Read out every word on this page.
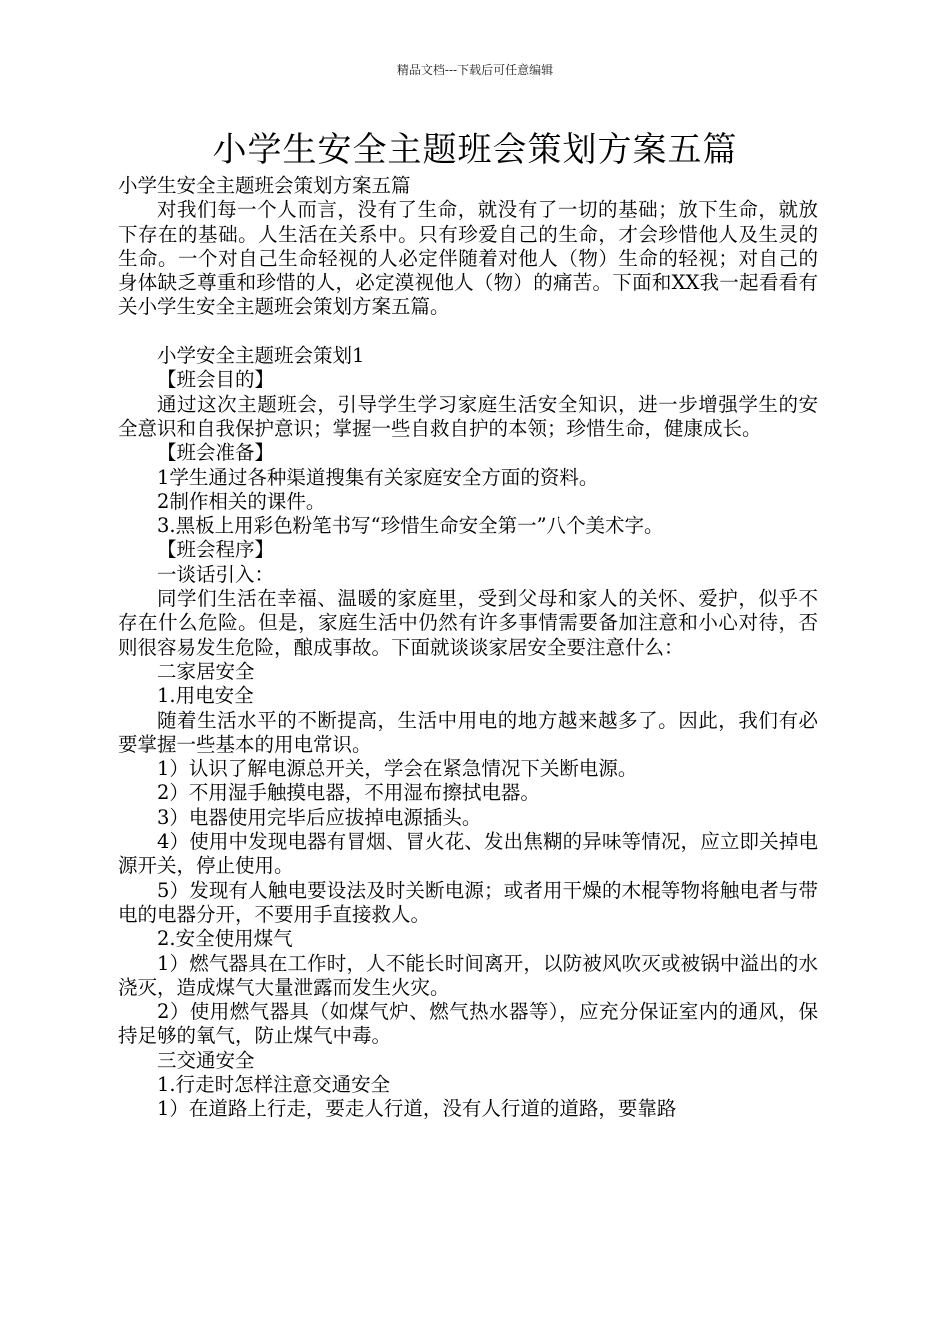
精品文档---下载后可任意编辑
小学生安全主题班会策划方案五篇

小学生安全主题班会策划方案五篇

对我们每一个人而言，没有了生命，就没有了一切的基础；放下生命，就放下存在的基础。人生活在关系中。只有珍爱自己的生命，才会珍惜他人及生灵的生命。一个对自己生命轻视的人必定伴随着对他人（物）生命的轻视；对自己的身体缺乏尊重和珍惜的人，必定漠视他人（物）的痛苦。下面和XX我一起看看有关小学生安全主题班会策划方案五篇。

小学安全主题班会策划1

【班会目的】

通过这次主题班会，引导学生学习家庭生活安全知识，进一步增强学生的安全意识和自我保护意识；掌握一些自救自护的本领；珍惜生命，健康成长。

【班会准备】

1学生通过各种渠道搜集有关家庭安全方面的资料。

2制作相关的课件。

3.黑板上用彩色粉笔书写“珍惜生命安全第一”八个美术字。

【班会程序】

一谈话引入：

同学们生活在幸福、温暖的家庭里，受到父母和家人的关怀、爱护，似乎不存在什么危险。但是，家庭生活中仍然有许多事情需要备加注意和小心对待，否则很容易发生危险，酿成事故。下面就谈谈家居安全要注意什么：

二家居安全

1.用电安全

随着生活水平的不断提高，生活中用电的地方越来越多了。因此，我们有必要掌握一些基本的用电常识。

1）认识了解电源总开关，学会在紧急情况下关断电源。

2）不用湿手触摸电器，不用湿布擦拭电器。

3）电器使用完毕后应拔掉电源插头。

4）使用中发现电器有冒烟、冒火花、发出焦糊的异味等情况，应立即关掉电源开关，停止使用。

5）发现有人触电要设法及时关断电源；或者用干燥的木棍等物将触电者与带电的电器分开，不要用手直接救人。

2.安全使用煤气

1）燃气器具在工作时，人不能长时间离开，以防被风吹灭或被锅中溢出的水浇灭，造成煤气大量泄露而发生火灾。

2）使用燃气器具（如煤气炉、燃气热水器等），应充分保证室内的通风，保持足够的氧气，防止煤气中毒。

三交通安全

1.行走时怎样注意交通安全

1）在道路上行走，要走人行道，没有人行道的道路，要靠路
